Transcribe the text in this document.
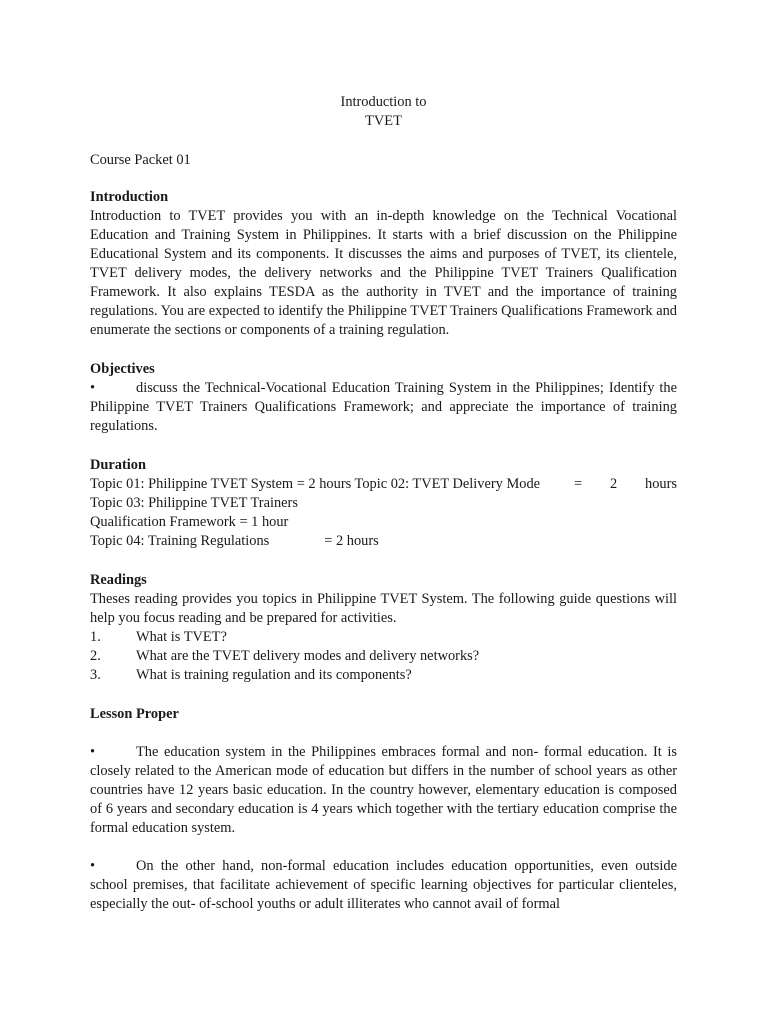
Introduction to
TVET
Course Packet 01
Introduction

Introduction to TVET provides you with an in-depth knowledge on the Technical Vocational Education and Training System in Philippines. It starts with a brief discussion on the Philippine Educational System and its components. It discusses the aims and purposes of TVET, its clientele, TVET delivery modes, the delivery networks and the Philippine TVET Trainers Qualification Framework. It also explains TESDA as the authority in TVET and the importance of training regulations. You are expected to identify the Philippine TVET Trainers Qualifications Framework and enumerate the sections or components of a training regulation.

Objectives

•	discuss the Technical-Vocational Education Training System in the Philippines; Identify the Philippine TVET Trainers Qualifications Framework; and appreciate the importance of training regulations.

Duration
Topic 01: Philippine TVET System = 2 hours Topic 02: TVET Delivery Mode = 2 hours
Topic 03: Philippine TVET Trainers
Qualification Framework = 1 hour
Topic 04: Training Regulations	= 2 hours
Readings

Theses reading provides you topics in Philippine TVET System. The following guide questions will help you focus reading and be prepared for activities.

1.	What is TVET?
2.	What are the TVET delivery modes and delivery networks?
3.	What is training regulation and its components?
Lesson Proper

•	The education system in the Philippines embraces formal and non- formal education. It is closely related to the American mode of education but differs in the number of school years as other countries have 12 years basic education. In the country however, elementary education is composed of 6 years and secondary education is 4 years which together with the tertiary education comprise the formal education system.

•	On the other hand, non-formal education includes education opportunities, even outside school premises, that facilitate achievement of specific learning objectives for particular clienteles, especially the out- of-school youths or adult illiterates who cannot avail of formal
